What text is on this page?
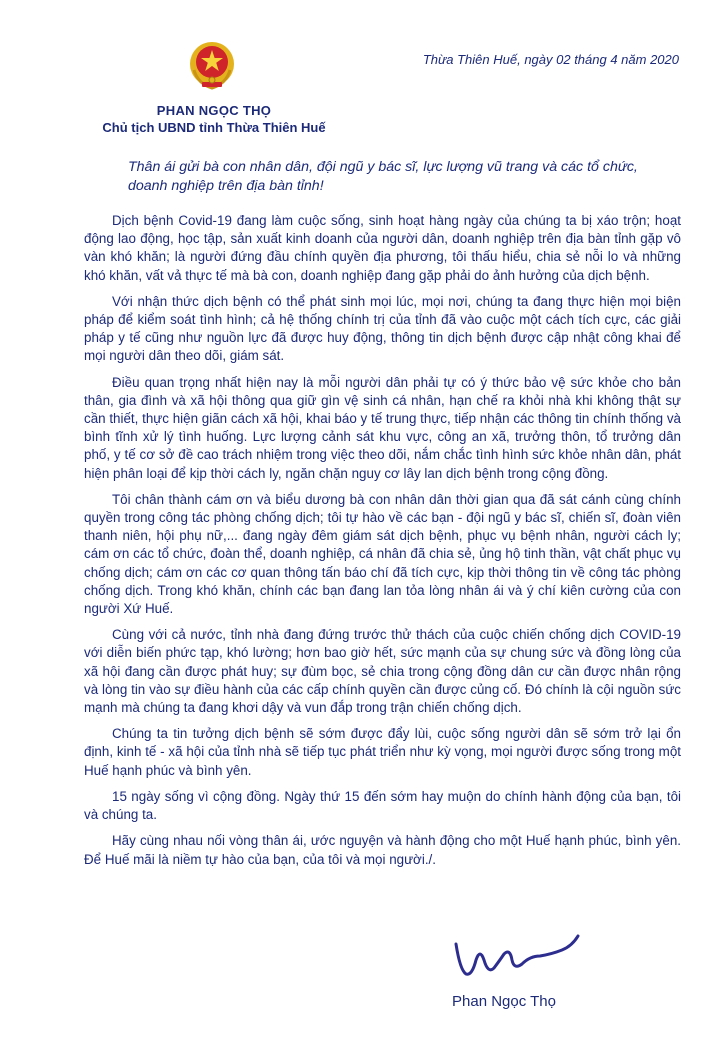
PHAN NGỌC THỌ
Chủ tịch UBND tỉnh Thừa Thiên Huế
Thừa Thiên Huế, ngày 02 tháng 4 năm 2020
Thân ái gửi bà con nhân dân, đội ngũ y bác sĩ, lực lượng vũ trang và các tổ chức, doanh nghiệp trên địa bàn tỉnh!

Dịch bệnh Covid-19 đang làm cuộc sống, sinh hoạt hàng ngày của chúng ta bị xáo trộn; hoạt động lao động, học tập, sản xuất kinh doanh của người dân, doanh nghiệp trên địa bàn tỉnh gặp vô vàn khó khăn; là người đứng đầu chính quyền địa phương, tôi thấu hiểu, chia sẻ nỗi lo và những khó khăn, vất vả thực tế mà bà con, doanh nghiệp đang gặp phải do ảnh hưởng của dịch bệnh.

Với nhận thức dịch bệnh có thể phát sinh mọi lúc, mọi nơi, chúng ta đang thực hiện mọi biện pháp để kiểm soát tình hình; cả hệ thống chính trị của tỉnh đã vào cuộc một cách tích cực, các giải pháp y tế cũng như nguồn lực đã được huy động, thông tin dịch bệnh được cập nhật công khai để mọi người dân theo dõi, giám sát.

Điều quan trọng nhất hiện nay là mỗi người dân phải tự có ý thức bảo vệ sức khỏe cho bản thân, gia đình và xã hội thông qua giữ gìn vệ sinh cá nhân, hạn chế ra khỏi nhà khi không thật sự cần thiết, thực hiện giãn cách xã hội, khai báo y tế trung thực, tiếp nhận các thông tin chính thống và bình tĩnh xử lý tình huống. Lực lượng cảnh sát khu vực, công an xã, trưởng thôn, tổ trưởng dân phố, y tế cơ sở đề cao trách nhiệm trong việc theo dõi, nắm chắc tình hình sức khỏe nhân dân, phát hiện phân loại để kịp thời cách ly, ngăn chặn nguy cơ lây lan dịch bệnh trong cộng đồng.

Tôi chân thành cám ơn và biểu dương bà con nhân dân thời gian qua đã sát cánh cùng chính quyền trong công tác phòng chống dịch; tôi tự hào về các bạn - đội ngũ y bác sĩ, chiến sĩ, đoàn viên thanh niên, hội phụ nữ,... đang ngày đêm giám sát dịch bệnh, phục vụ bệnh nhân, người cách ly; cám ơn các tổ chức, đoàn thể, doanh nghiệp, cá nhân đã chia sẻ, ủng hộ tinh thần, vật chất phục vụ chống dịch; cám ơn các cơ quan thông tấn báo chí đã tích cực, kịp thời thông tin về công tác phòng chống dịch. Trong khó khăn, chính các bạn đang lan tỏa lòng nhân ái và ý chí kiên cường của con người Xứ Huế.

Cùng với cả nước, tỉnh nhà đang đứng trước thử thách của cuộc chiến chống dịch COVID-19 với diễn biến phức tạp, khó lường; hơn bao giờ hết, sức mạnh của sự chung sức và đồng lòng của xã hội đang cần được phát huy; sự đùm bọc, sẻ chia trong cộng đồng dân cư cần được nhân rộng và lòng tin vào sự điều hành của các cấp chính quyền cần được củng cố. Đó chính là cội nguồn sức mạnh mà chúng ta đang khơi dậy và vun đắp trong trận chiến chống dịch.

Chúng ta tin tưởng dịch bệnh sẽ sớm được đẩy lùi, cuộc sống người dân sẽ sớm trở lại ổn định, kinh tế - xã hội của tỉnh nhà sẽ tiếp tục phát triển như kỳ vọng, mọi người được sống trong một Huế hạnh phúc và bình yên.

15 ngày sống vì cộng đồng. Ngày thứ 15 đến sớm hay muộn do chính hành động của bạn, tôi và chúng ta.

Hãy cùng nhau nối vòng thân ái, ước nguyện và hành động cho một Huế hạnh phúc, bình yên. Để Huế mãi là niềm tự hào của bạn, của tôi và mọi người./.

Phan Ngọc Thọ
